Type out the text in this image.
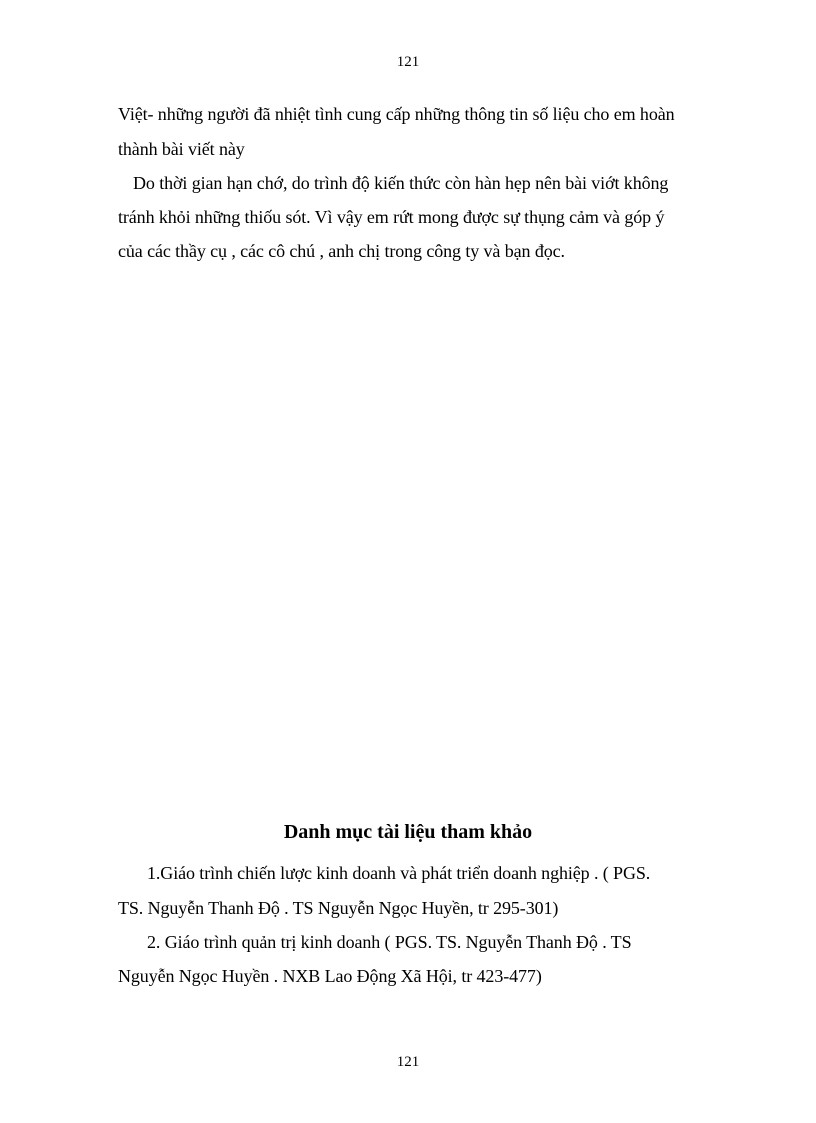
121
Việt- những người đã nhiệt tình cung cấp những thông tin số liệu cho em hoàn
thành bài viết này
Do thời gian hạn chớ, do trình độ kiến thức còn hàn hẹp nên bài viớt không
tránh khỏi những thiốu sót. Vì vậy em rứt mong được sự thụng cảm và góp ý
của các thầy cụ , các cô chú , anh chị trong công ty và bạn đọc.
Danh mục tài liệu tham khảo
1.Giáo trình chiến lược kinh doanh và phát triển doanh nghiệp . ( PGS.
TS. Nguyễn Thanh Độ . TS Nguyễn Ngọc Huyền, tr 295-301)
2. Giáo trình quản trị kinh doanh ( PGS. TS. Nguyễn Thanh Độ . TS
Nguyễn Ngọc Huyền . NXB Lao Động Xã Hội, tr 423-477)
121
